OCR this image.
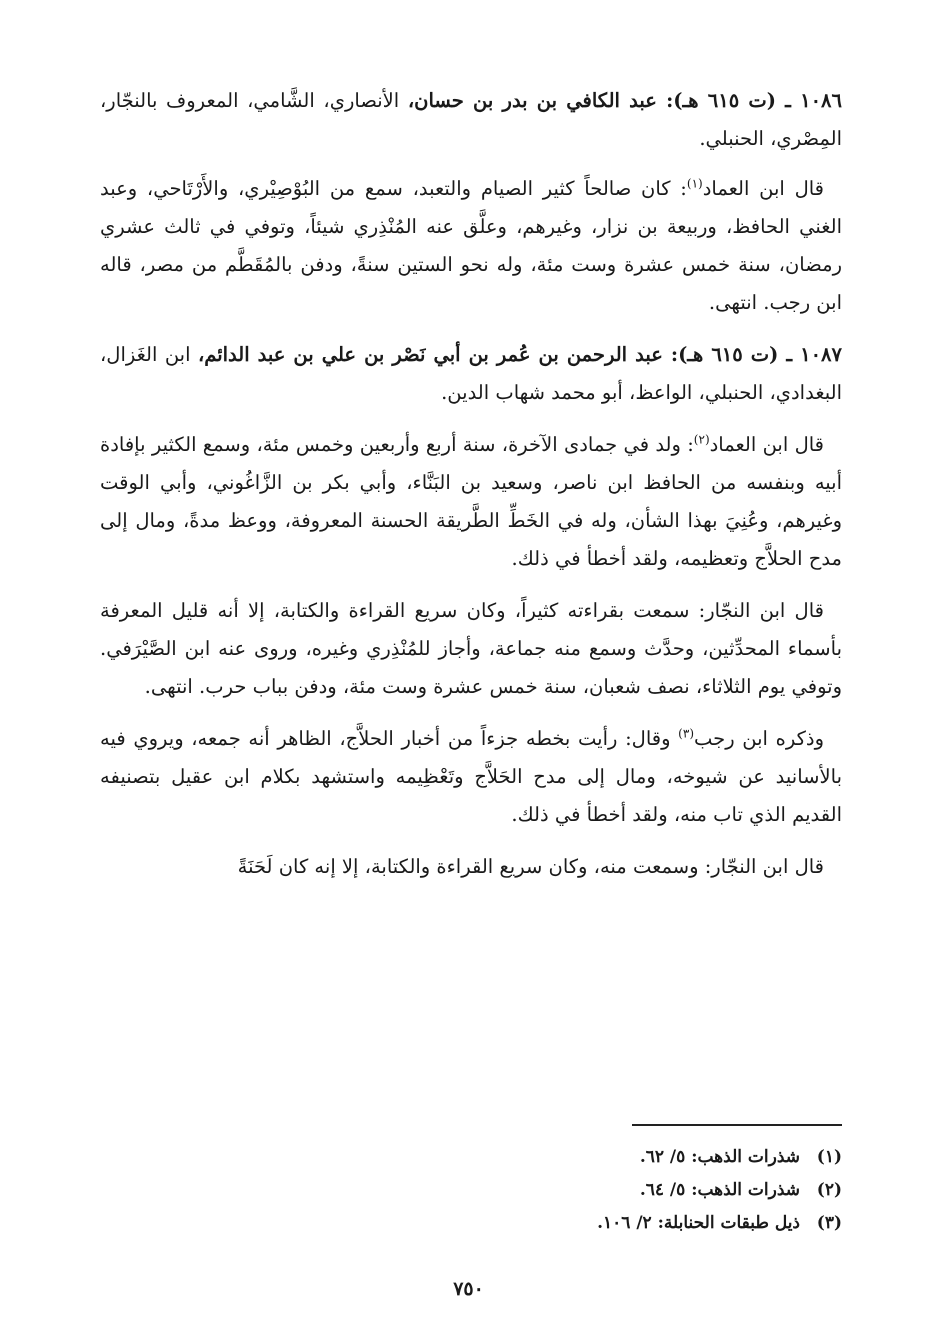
١٠٨٦ ـ (ت ٦١٥ هـ): عبد الكافي بن بدر بن حسان، الأنصاري، الشَّامي، المعروف بالنجّار، المِصْري، الحنبلي.

قال ابن العماد$^{(١)}$: كان صالحاً كثير الصيام والتعبد، سمع من البُوْصِيْري، والأَرْتَاحي، وعبد الغني الحافظ، وربيعة بن نزار، وغيرهم، وعلَّق عنه المُنْذِري شيئاً، وتوفي في ثالث عشري رمضان، سنة خمس عشرة وست مئة، وله نحو الستين سنةً، ودفن بالمُقَطَّم من مصر، قاله ابن رجب. انتهى.

١٠٨٧ ـ (ت ٦١٥ هـ): عبد الرحمن بن عُمر بن أبي نَصْر بن علي بن عبد الدائم، ابن الغَزال، البغدادي، الحنبلي، الواعظ، أبو محمد شهاب الدين.

قال ابن العماد$^{(٢)}$: ولد في جمادى الآخرة، سنة أربع وأربعين وخمس مئة، وسمع الكثير بإفادة أبيه وبنفسه من الحافظ ابن ناصر، وسعيد بن البَنَّاء، وأبي بكر بن الزَّاغُوني، وأبي الوقت وغيرهم، وعُنِيَ بهذا الشأن، وله في الخَطِّ الطَّريقة الحسنة المعروفة، ووعظ مدةً، ومال إلى مدح الحلاَّج وتعظيمه، ولقد أخطأ في ذلك.

قال ابن النجّار: سمعت بقراءته كثيراً، وكان سريع القراءة والكتابة، إلا أنه قليل المعرفة بأسماء المحدِّثين، وحدَّث وسمع منه جماعة، وأجاز للمُنْذِري وغيره، وروى عنه ابن الصَّيْرَفي. وتوفي يوم الثلاثاء، نصف شعبان، سنة خمس عشرة وست مئة، ودفن بباب حرب. انتهى.

وذكره ابن رجب$^{(٣)}$ وقال: رأيت بخطه جزءاً من أخبار الحلاَّج، الظاهر أنه جمعه، ويروي فيه بالأسانيد عن شيوخه، ومال إلى مدح الحَلاَّج وتَعْظِيمه واستشهد بكلام ابن عقيل بتصنيفه القديم الذي تاب منه، ولقد أخطأ في ذلك.

قال ابن النجّار: وسمعت منه، وكان سريع القراءة والكتابة، إلا إنه كان لَحَنَةً

(١)شذرات الذهب: ٥/ ٦٢.
(٢)شذرات الذهب: ٥/ ٦٤.
(٣)ذيل طبقات الحنابلة: ٢/ ١٠٦.
٧٥٠
